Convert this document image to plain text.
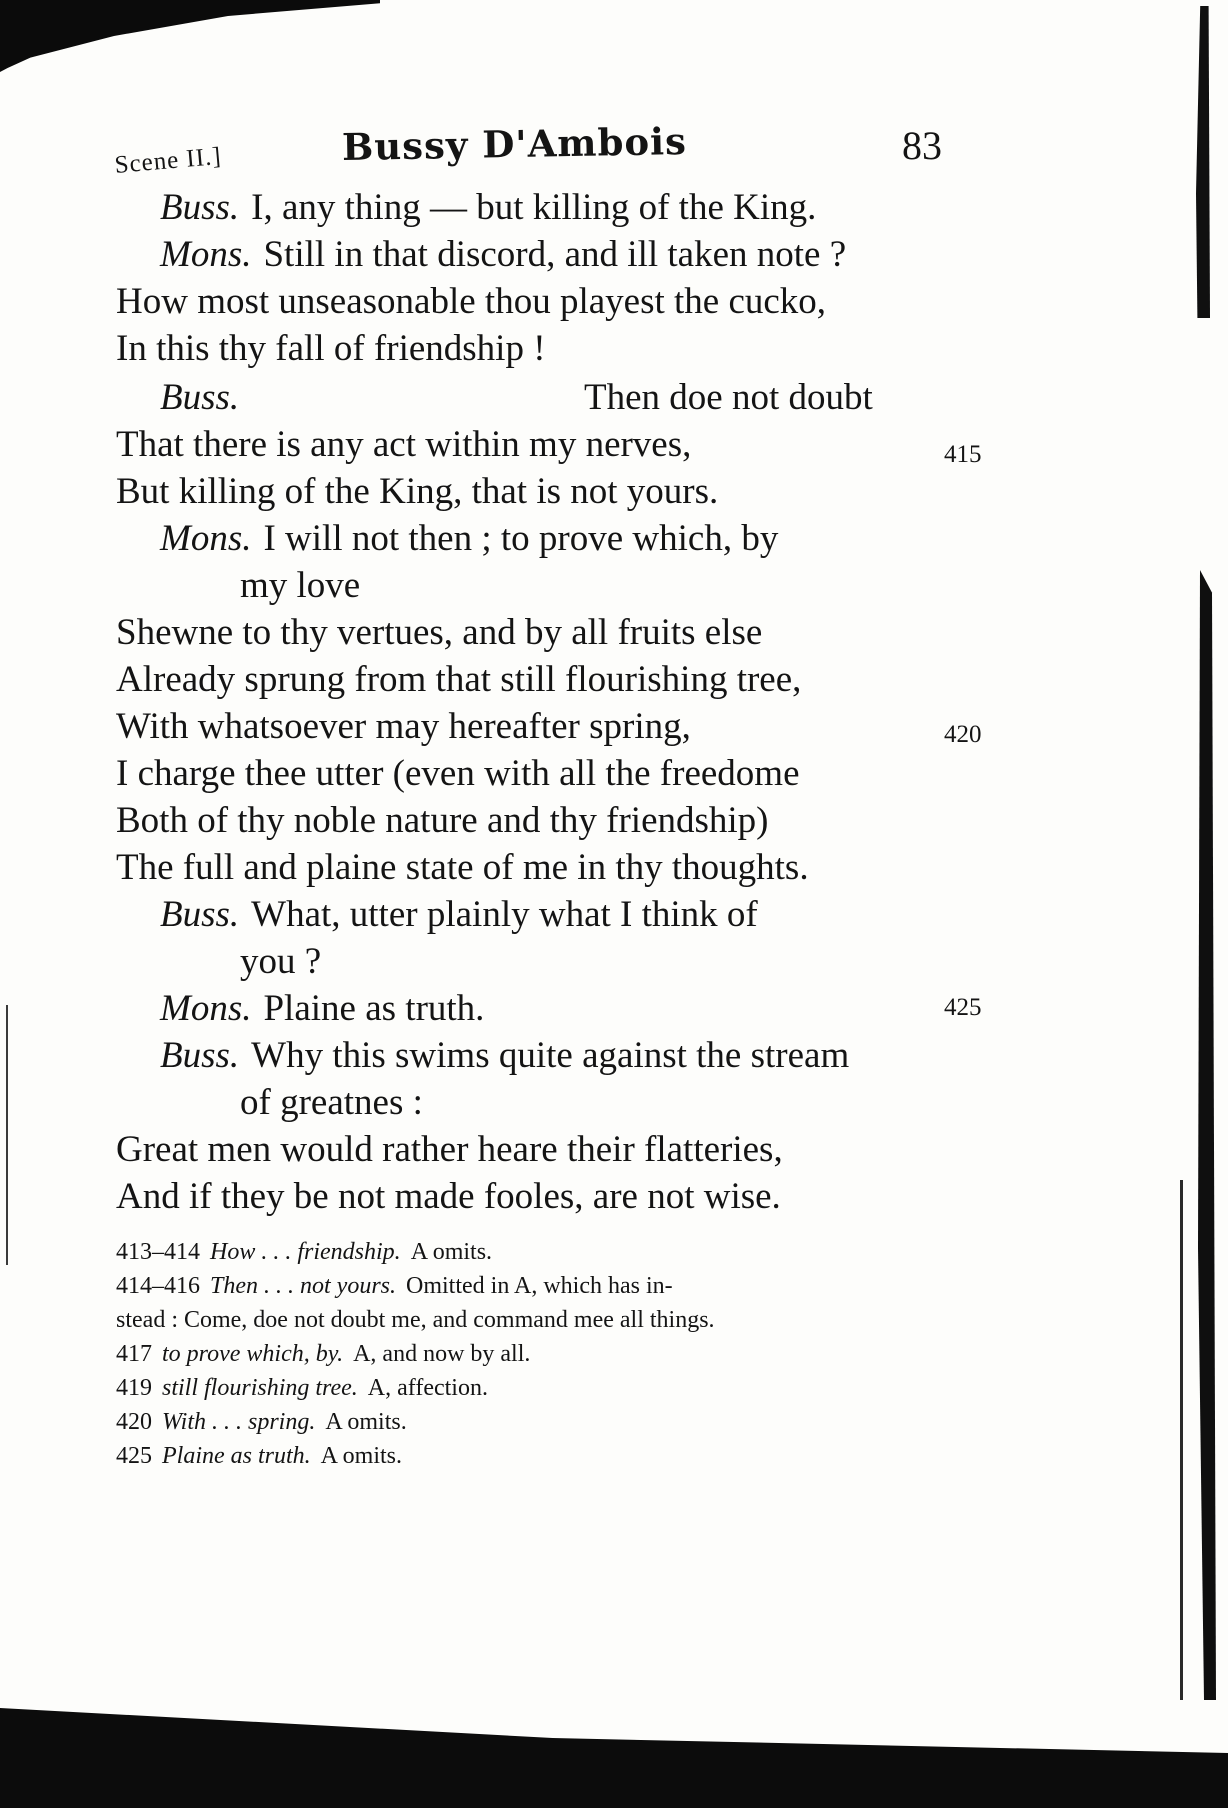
Scene II.]	Bussy D'Ambois	83
Buss. I, any thing — but killing of the King.
Mons. Still in that discord, and ill taken note ?
How most unseasonable thou playest the cucko,
In this thy fall of friendship !
Buss.	Then doe not doubt
That there is any act within my nerves,
But killing of the King, that is not yours.
Mons. I will not then ; to prove which, by
my love
Shewne to thy vertues, and by all fruits else
Already sprung from that still flourishing tree,
With whatsoever may hereafter spring,
I charge thee utter (even with all the freedome
Both of thy noble nature and thy friendship)
The full and plaine state of me in thy thoughts.
Buss. What, utter plainly what I think of
you ?
Mons. Plaine as truth.
Buss. Why this swims quite against the stream
of greatnes :
Great men would rather heare their flatteries,
And if they be not made fooles, are not wise.
415
420
425
413–414 How . . . friendship. A omits.
414–416 Then . . . not yours. Omitted in A, which has in-
stead : Come, doe not doubt me, and command mee all things.
417 to prove which, by. A, and now by all.
419 still flourishing tree. A, affection.
420 With . . . spring. A omits.
425 Plaine as truth. A omits.
